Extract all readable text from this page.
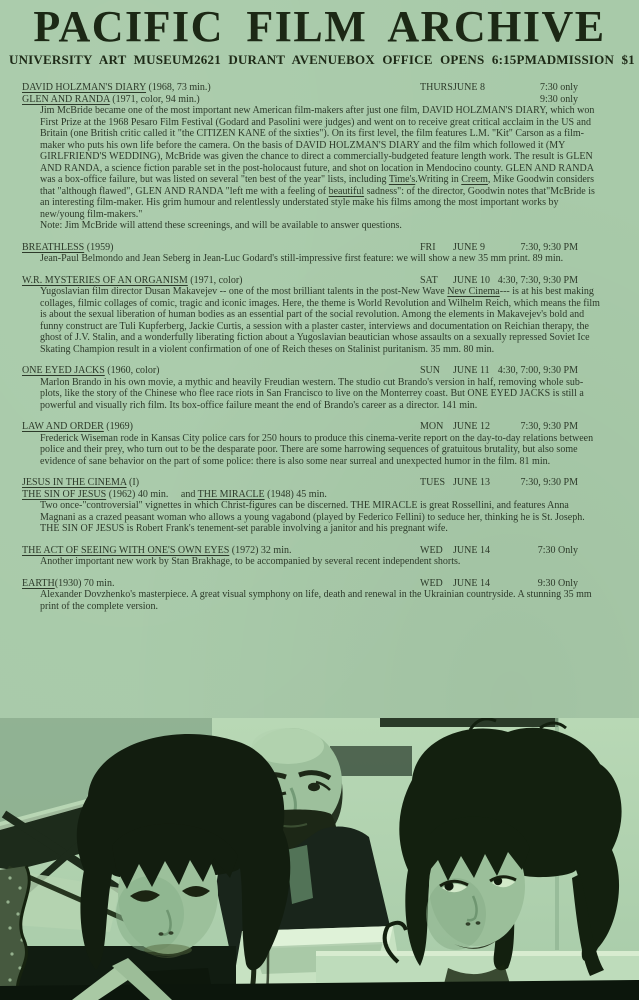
PACIFIC FILM ARCHIVE
UNIVERSITY ART MUSEUM 2621 DURANT AVENUE BOX OFFICE OPENS 6:15PM ADMISSION $1
DAVID HOLZMAN'S DIARY (1968, 73 min.)	THURS JUNE 8	7:30 only
GLEN AND RANDA (1971, color, 94 min.)	9:30 only

Jim McBride became one of the most important new American film-makers after just one film, DAVID HOLZMAN'S DIARY, which won First Prize at the 1968 Pesaro Film Festival (Godard and Pasolini were judges) and went on to receive great critical acclaim in the US and Britain (one British critic called it "the CITIZEN KANE of the sixties"). On its first level, the film features L.M. "Kit" Carson as a film-maker who puts his own life before the camera. On the basis of DAVID HOLZMAN'S DIARY and the film which followed it (MY GIRLFRIEND'S WEDDING), McBride was given the chance to direct a commercially-budgeted feature length work. The result is GLEN AND RANDA, a science fiction parable set in the post-holocaust future, and shot on location in Mendocino county. GLEN AND RANDA was a box-office failure, but was listed on several "ten best of the year" lists, including Time's.Writing in Creem, Mike Goodwin considers that "although flawed", GLEN AND RANDA "left me with a feeling of beautiful sadness": of the director, Goodwin notes that"McBride is an interesting film-maker. His grim humour and relentlessly understated style make his films among the most important works by new/young film-makers."

Note: Jim McBride will attend these screenings, and will be available to answer questions.

BREATHLESS (1959)	FRI JUNE 9	7:30, 9:30 PM

Jean-Paul Belmondo and Jean Seberg in Jean-Luc Godard's still-impressive first feature: we will show a new 35 mm print. 89 min.

W.R. MYSTERIES OF AN ORGANISM (1971, color)	SAT JUNE 10 4:30, 7:30, 9:30 PM

Yugoslavian film director Dusan Makavejev -- one of the most brilliant talents in the post-New Wave New Cinema--- is at his best making collages, filmic collages of comic, tragic and iconic images. Here, the theme is World Revolution and Wilhelm Reich, which means the film is about the sexual liberation of human bodies as an essential part of the social revolution. Among the elements in Makavejev's bold and funny construct are Tuli Kupferberg, Jackie Curtis, a session with a plaster caster, interviews and documentation on Reichian therapy, the ghost of J.V. Stalin, and a wonderfully liberating fiction about a Yugoslavian beautician whose assaults on a sexually repressed Soviet Ice Skating Champion result in a violent confirmation of one of Reich theses on Stalinist puritanism. 35 mm. 80 min.

ONE EYED JACKS (1960, color)	SUN JUNE 11 4:30, 7:00, 9:30 PM

Marlon Brando in his own movie, a mythic and heavily Freudian western. The studio cut Brando's version in half, removing whole sub-plots, like the story of the Chinese who flee race riots in San Francisco to live on the Monterrey coast. But ONE EYED JACKS is still a powerful and visually rich film. Its box-office failure meant the end of Brando's career as a director. 141 min.

LAW AND ORDER (1969)	MON JUNE 12	7:30, 9:30 PM

Frederick Wiseman rode in Kansas City police cars for 250 hours to produce this cinema-verite report on the day-to-day relations between police and their prey, who turn out to be the desparate poor. There are some harrowing sequences of gratuitous brutality, but also some evidence of sane behavior on the part of some police: there is also some near surreal and unexpected humor in the film. 81 min.

JESUS IN THE CINEMA (I)	TUES JUNE 13	7:30, 9:30 PM
THE SIN OF JESUS (1962) 40 min.     and THE MIRACLE (1948) 45 min.

Two once-"controversial" vignettes in which Christ-figures can be discerned. THE MIRACLE is great Rossellini, and features Anna Magnani as a crazed peasant woman who allows a young vagabond (played by Federico Fellini) to seduce her, thinking he is St. Joseph. THE SIN OF JESUS is Robert Frank's tenement-set parable involving a janitor and his pregnant wife.

THE ACT OF SEEING WITH ONE'S OWN EYES (1972) 32 min.	WED JUNE 14	7:30 Only

Another important new work by Stan Brakhage, to be accompanied by several recent independent shorts.

EARTH(1930) 70 min.	WED JUNE 14	9:30 Only

Alexander Dovzhenko's masterpiece. A great visual symphony on life, death and renewal in the Ukrainian countryside. A stunning 35 mm print of the complete version.
